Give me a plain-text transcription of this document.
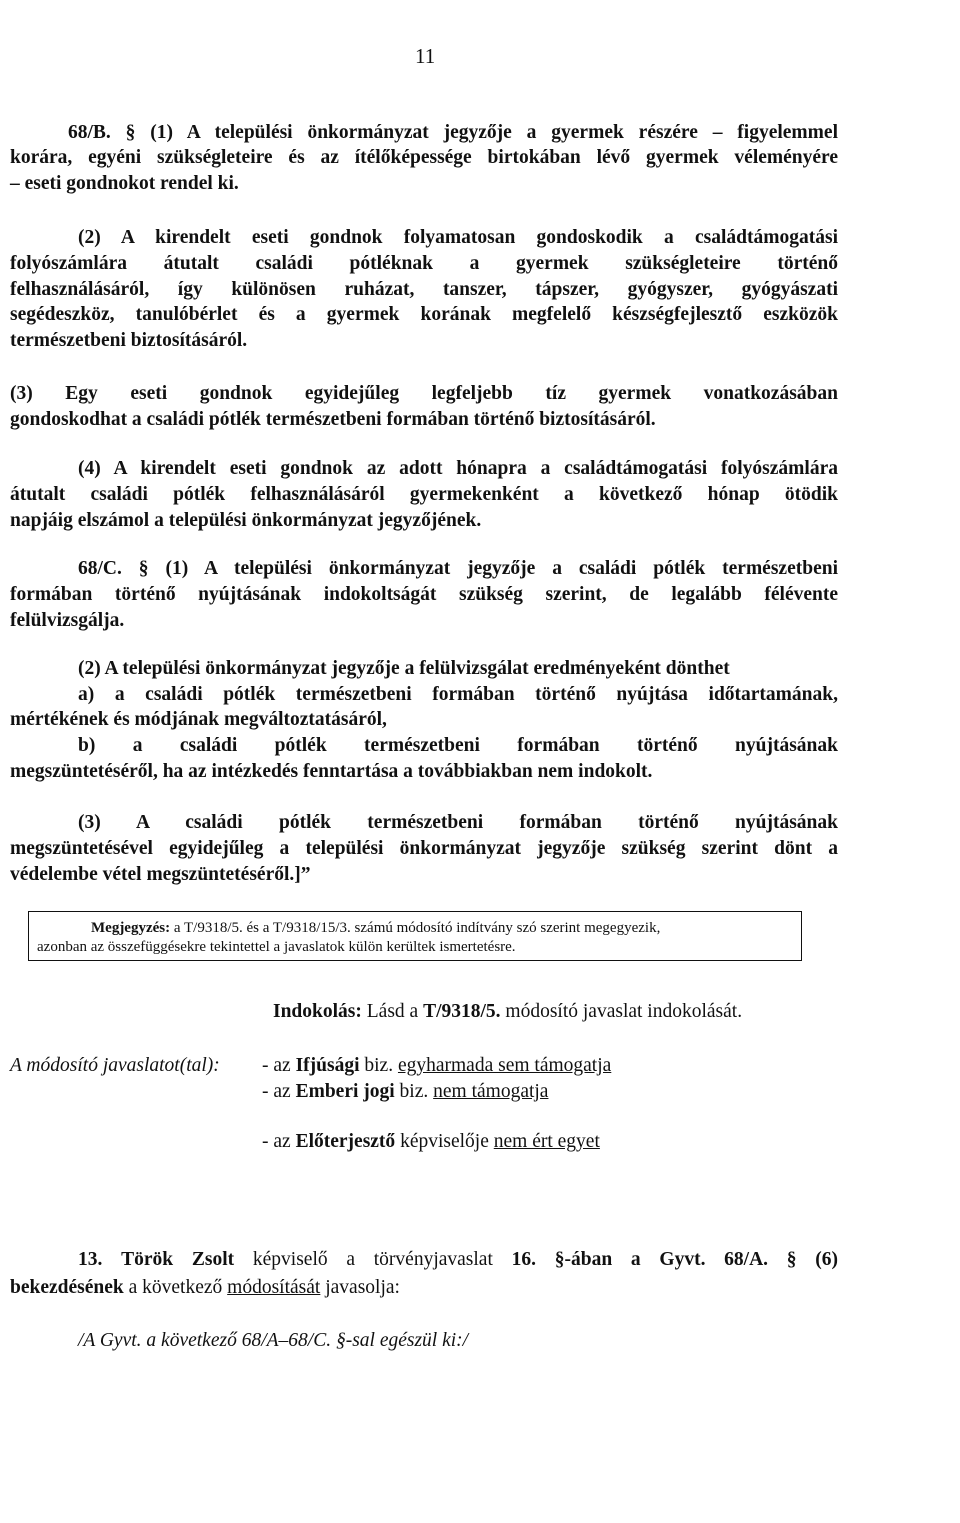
11
68/B. § (1) A települési önkormányzat jegyzője a gyermek részére – figyelemmel
korára, egyéni szükségleteire és az ítélőképessége birtokában lévő gyermek véleményére
– eseti gondnokot rendel ki.
(2) A kirendelt eseti gondnok folyamatosan gondoskodik a családtámogatási
folyószámlára átutalt családi pótléknak a gyermek szükségleteire történő
felhasználásáról, így különösen ruházat, tanszer, tápszer, gyógyszer, gyógyászati
segédeszköz, tanulóbérlet és a gyermek korának megfelelő készségfejlesztő eszközök
természetbeni biztosításáról.
(3) Egy eseti gondnok egyidejűleg legfeljebb tíz gyermek vonatkozásában
gondoskodhat a családi pótlék természetbeni formában történő biztosításáról.
(4) A kirendelt eseti gondnok az adott hónapra a családtámogatási folyószámlára
átutalt családi pótlék felhasználásáról gyermekenként a következő hónap ötödik
napjáig elszámol a települési önkormányzat jegyzőjének.
68/C. § (1) A települési önkormányzat jegyzője a családi pótlék természetbeni
formában történő nyújtásának indokoltságát szükség szerint, de legalább félévente
felülvizsgálja.
(2) A települési önkormányzat jegyzője a felülvizsgálat eredményeként dönthet
a) a családi pótlék természetbeni formában történő nyújtása időtartamának,
mértékének és módjának megváltoztatásáról,
b) a családi pótlék természetbeni formában történő nyújtásának
megszüntetéséről, ha az intézkedés fenntartása a továbbiakban nem indokolt.
(3) A családi pótlék természetbeni formában történő nyújtásának
megszüntetésével egyidejűleg a települési önkormányzat jegyzője szükség szerint dönt a
védelembe vétel megszüntetéséről.]”
Megjegyzés: a T/9318/5. és a T/9318/15/3. számú módosító indítvány szó szerint megegyezik,
azonban az összefüggésekre tekintettel a javaslatok külön kerültek ismertetésre.
Indokolás: Lásd a T/9318/5. módosító javaslat indokolását.
A módosító javaslatot(tal): - az Ifjúsági biz. egyharmada sem támogatja
- az Emberi jogi biz. nem támogatja
- az Előterjesztő képviselője nem ért egyet
13. Török Zsolt képviselő a törvényjavaslat 16. §-ában a Gyvt. 68/A. § (6)
bekezdésének a következő módosítását javasolja:
/A Gyvt. a következő 68/A–68/C. §-sal egészül ki:/
